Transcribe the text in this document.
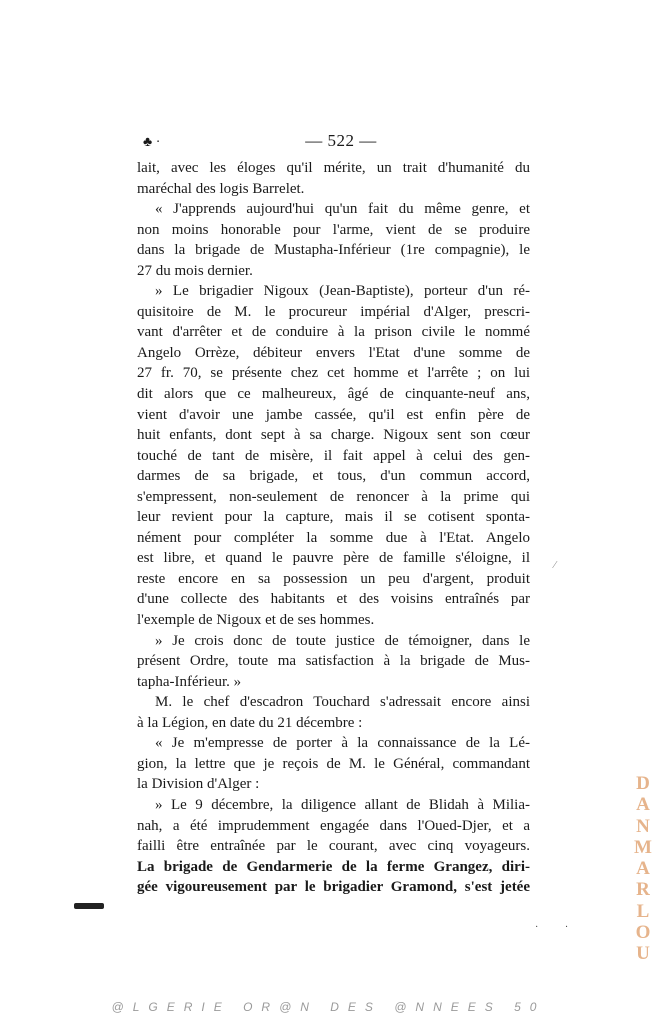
♣ ·	— 522 —
lait, avec les éloges qu'il mérite, un trait d'humanité du
maréchal des logis Barrelet.
« J'apprends aujourd'hui qu'un fait du même genre, et
non moins honorable pour l'arme, vient de se produire
dans la brigade de Mustapha-Inférieur (1re compagnie), le
27 du mois dernier.
» Le brigadier Nigoux (Jean-Baptiste), porteur d'un ré-
quisitoire de M. le procureur impérial d'Alger, prescri-
vant d'arrêter et de conduire à la prison civile le nommé
Angelo Orrèze, débiteur envers l'Etat d'une somme de
27 fr. 70, se présente chez cet homme et l'arrête ; on lui
dit alors que ce malheureux, âgé de cinquante-neuf ans,
vient d'avoir une jambe cassée, qu'il est enfin père de
huit enfants, dont sept à sa charge. Nigoux sent son cœur
touché de tant de misère, il fait appel à celui des gen-
darmes de sa brigade, et tous, d'un commun accord,
s'empressent, non-seulement de renoncer à la prime qui
leur revient pour la capture, mais il se cotisent sponta-
nément pour compléter la somme due à l'Etat. Angelo
est libre, et quand le pauvre père de famille s'éloigne, il
reste encore en sa possession un peu d'argent, produit
d'une collecte des habitants et des voisins entraînés par
l'exemple de Nigoux et de ses hommes.
» Je crois donc de toute justice de témoigner, dans le
présent Ordre, toute ma satisfaction à la brigade de Mus-
tapha-Inférieur. »
M. le chef d'escadron Touchard s'adressait encore ainsi
à la Légion, en date du 21 décembre :
« Je m'empresse de porter à la connaissance de la Lé-
gion, la lettre que je reçois de M. le Général, commandant
la Division d'Alger :
» Le 9 décembre, la diligence allant de Blidah à Milia-
nah, a été imprudemment engagée dans l'Oued-Djer, et a
failli être entraînée par le courant, avec cinq voyageurs.
La brigade de Gendarmerie de la ferme Grangez, diri-
gée vigoureusement par le brigadier Gramond, s'est jetée
⁄
· ·
D
A
N
M
A
R
L
O
U
@LGERIE OR@N DES @NNEES 50
